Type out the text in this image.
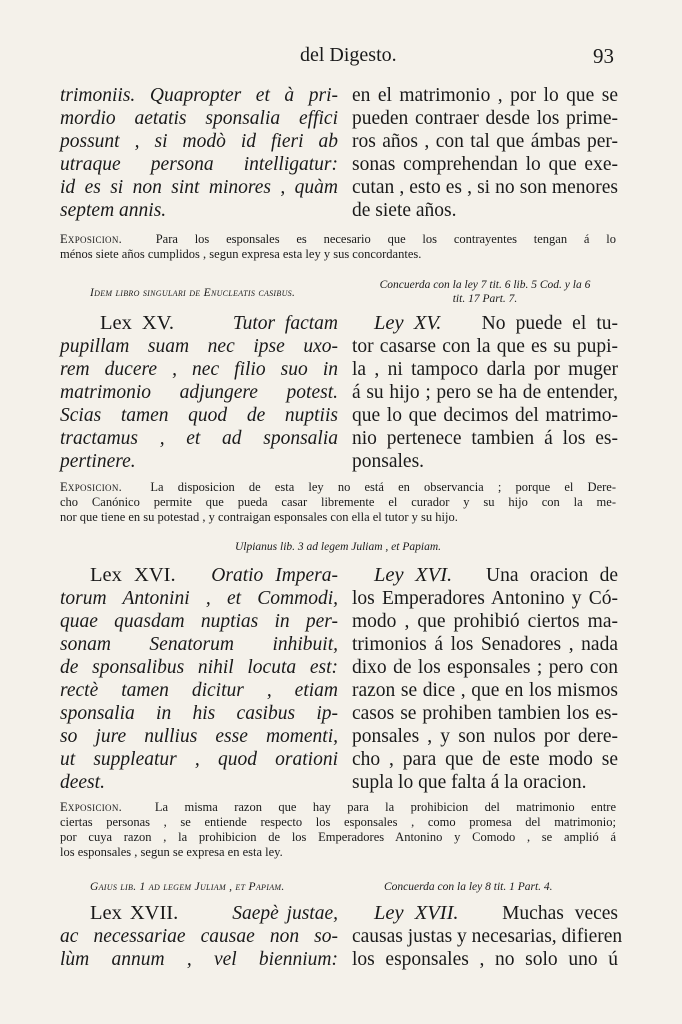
del Digesto.	93
trimoniis. Quapropter et à pri-
mordio aetatis sponsalia effici
possunt , si modò id fieri ab
utraque persona intelligatur:
id es si non sint minores , quàm
septem annis.
en el matrimonio , por lo que se
pueden contraer desde los prime-
ros años , con tal que ámbas per-
sonas comprehendan lo que exe-
cutan , esto es , si no son menores
de siete años.
Exposicion.	Para los esponsales es necesario que los contrayentes tengan á lo
ménos siete años cumplidos , segun expresa esta ley y sus concordantes.
Idem libro singulari de Enucleatis casibus.
Concuerda con la ley 7 tit. 6 lib. 5 Cod. y la 6
tit. 17 Part. 7.
Lex XV.	Tutor factam
pupillam suam nec ipse uxo-
rem ducere , nec filio suo in
matrimonio adjungere potest.
Scias tamen quod de nuptiis
tractamus , et ad sponsalia
pertinere.
Ley XV. No puede el tu-
tor casarse con la que es su pupi-
la , ni tampoco darla por muger
á su hijo ; pero se ha de entender,
que lo que decimos del matrimo-
nio pertenece tambien á los es-
ponsales.
Exposicion. La disposicion de esta ley no está en observancia ; porque el Dere-
cho Canónico permite que pueda casar libremente el curador y su hijo con la me-
nor que tiene en su potestad , y contraigan esponsales con ella el tutor y su hijo.
Ulpianus lib. 3 ad legem Juliam , et Papiam.
Lex XVI. Oratio Impera-
torum Antonini , et Commodi,
quae quasdam nuptias in per-
sonam Senatorum inhibuit,
de sponsalibus nihil locuta est:
rectè tamen dicitur , etiam
sponsalia in his casibus ip-
so jure nullius esse momenti,
ut suppleatur , quod orationi
deest.
Ley XVI. Una oracion de
los Emperadores Antonino y Có-
modo , que prohibió ciertos ma-
trimonios á los Senadores , nada
dixo de los esponsales ; pero con
razon se dice , que en los mismos
casos se prohiben tambien los es-
ponsales , y son nulos por dere-
cho , para que de este modo se
supla lo que falta á la oracion.
Exposicion.	La misma razon que hay para la prohibicion del matrimonio entre
ciertas personas , se entiende respecto los esponsales , como promesa del matrimonio;
por cuya razon , la prohibicion de los Emperadores Antonino y Comodo , se amplió á
los esponsales , segun se expresa en esta ley.
Gaius lib. 1 ad legem Juliam , et Papiam.	Concuerda con la ley 8 tit. 1 Part. 4.
Lex XVII.	Saepè justae,
ac necessariae causae non so-
lùm annum , vel biennium:
Ley XVII. Muchas veces
causas justas y necesarias, difieren
los esponsales , no solo uno ú
